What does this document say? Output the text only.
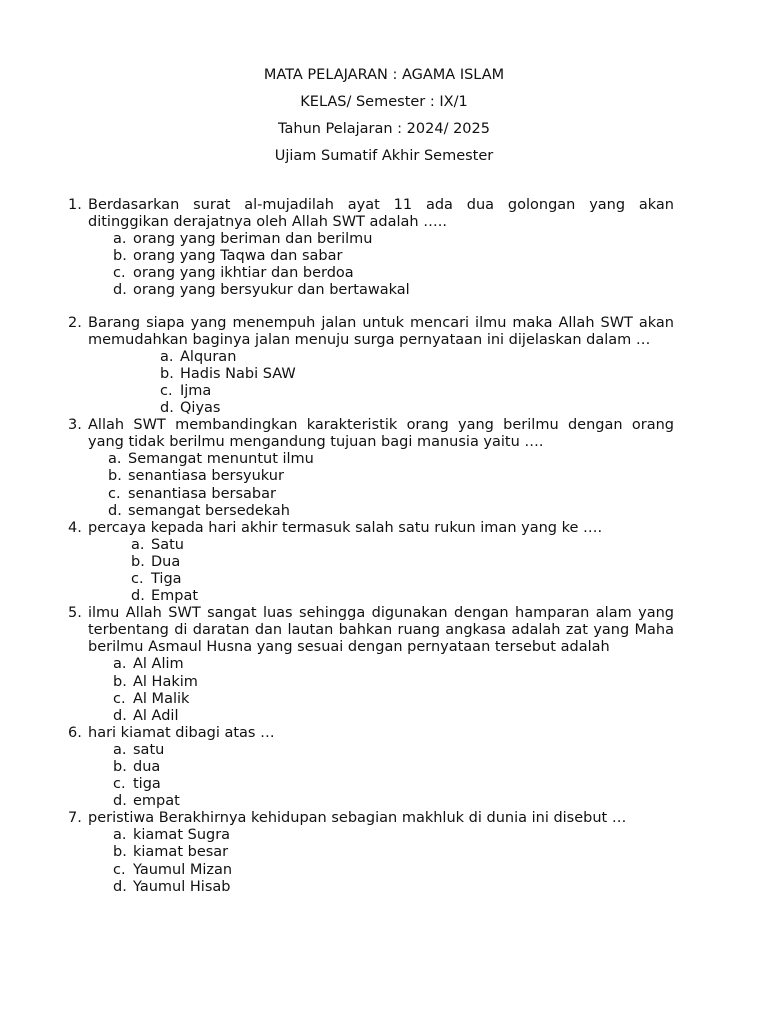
MATA PELAJARAN : AGAMA ISLAM
KELAS/ Semester : IX/1
Tahun Pelajaran : 2024/ 2025
Ujiam Sumatif Akhir Semester
1. Berdasarkan surat al-mujadilah ayat 11 ada dua golongan yang akan ditinggikan derajatnya oleh Allah SWT adalah …..
a. orang yang beriman dan berilmu
b. orang yang Taqwa dan sabar
c. orang yang ikhtiar dan berdoa
d. orang yang bersyukur dan bertawakal
2. Barang siapa yang menempuh jalan untuk mencari ilmu maka Allah SWT akan memudahkan baginya jalan menuju surga pernyataan ini dijelaskan dalam …
a. Alquran
b. Hadis Nabi SAW
c. Ijma
d. Qiyas
3. Allah SWT membandingkan karakteristik orang yang berilmu dengan orang yang tidak berilmu mengandung tujuan bagi manusia yaitu ….
a. Semangat menuntut ilmu
b. senantiasa bersyukur
c. senantiasa bersabar
d. semangat bersedekah
4. percaya kepada hari akhir termasuk salah satu rukun iman yang ke ….
a. Satu
b. Dua
c. Tiga
d. Empat
5. ilmu Allah SWT sangat luas sehingga digunakan dengan hamparan alam yang terbentang di daratan dan lautan bahkan ruang angkasa adalah zat yang Maha berilmu Asmaul Husna yang sesuai dengan pernyataan tersebut adalah
a. Al Alim
b. Al Hakim
c. Al Malik
d. Al Adil
6. hari kiamat dibagi atas …
a. satu
b. dua
c. tiga
d. empat
7. peristiwa Berakhirnya kehidupan sebagian makhluk di dunia ini disebut …
a. kiamat Sugra
b. kiamat besar
c. Yaumul Mizan
d. Yaumul Hisab
